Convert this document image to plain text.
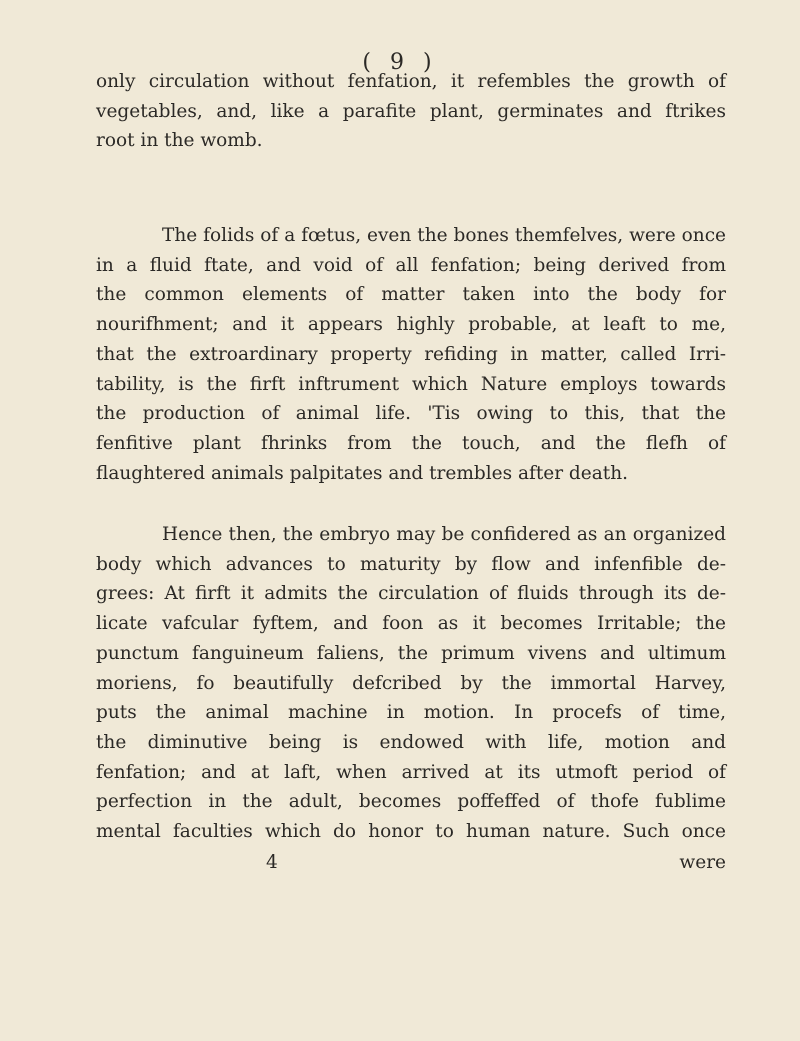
( 9 )

only circulation without fenfation, it refembles the growth of
vegetables, and, like a parafite plant, germinates and ftrikes
root in the womb.

The folids of a fœtus, even the bones themfelves, were once
in a fluid ftate, and void of all fenfation; being derived from
the common elements of matter taken into the body for
nourifhment; and it appears highly probable, at leaft to me,
that the extroardinary property refiding in matter, called Irri-
tability, is the firft inftrument which Nature employs towards
the production of animal life. 'Tis owing to this, that the
fenfitive plant fhrinks from the touch, and the flefh of
flaughtered animals palpitates and trembles after death.

Hence then, the embryo may be confidered as an organized
body which advances to maturity by flow and infenfible de-
grees: At firft it admits the circulation of fluids through its de-
licate vafcular fyftem, and foon as it becomes Irritable; the
punctum fanguineum faliens, the primum vivens and ultimum
moriens, fo beautifully defcribed by the immortal Harvey,
puts the animal machine in motion. In procefs of time,
the diminutive being is endowed with life, motion and
fenfation; and at laft, when arrived at its utmoft period of
perfection in the adult, becomes poffeffed of thofe fublime
mental faculties which do honor to human nature. Such once

4	were
